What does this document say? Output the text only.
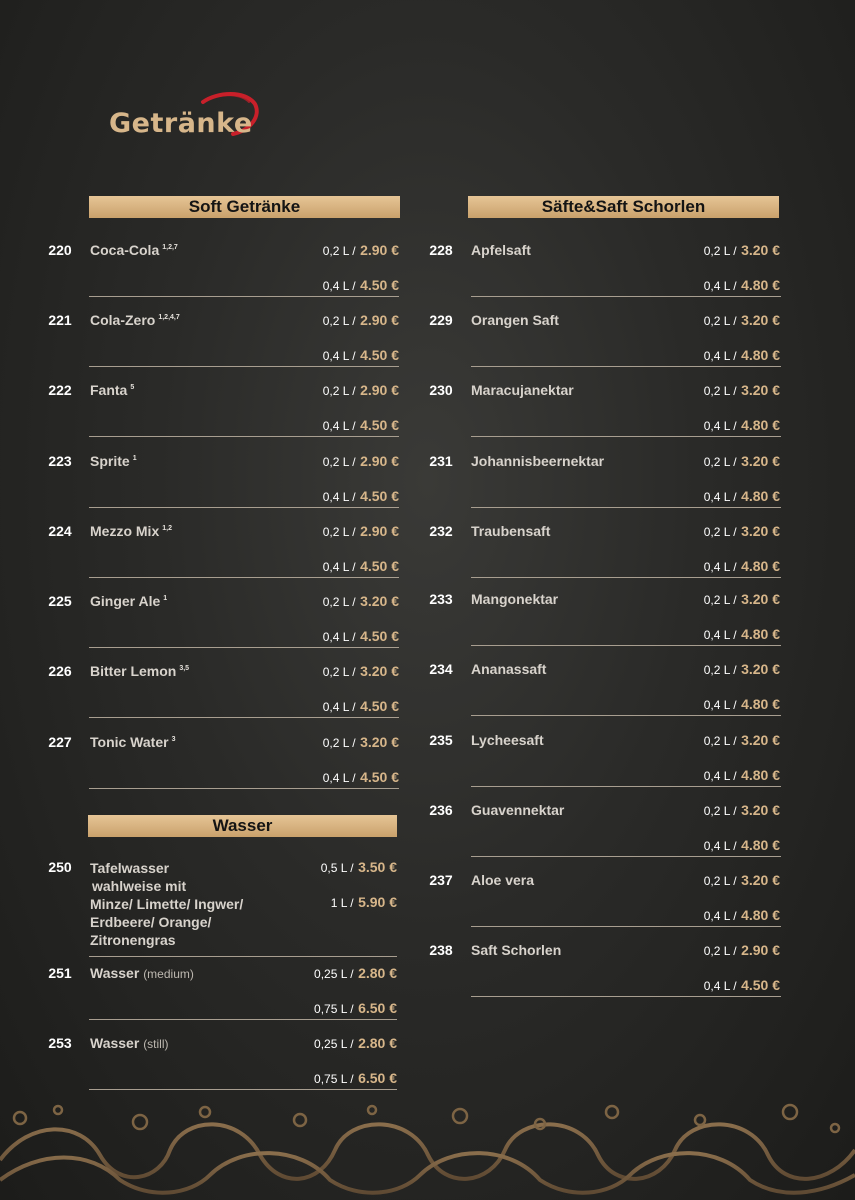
Getränke
Soft Getränke	Säfte&Saft Schorlen
Wasser
220	Coca-Cola $^{1,2,7}$	0,2 L / 2.90 €
0,4 L / 4.50 €
221	Cola-Zero $^{1,2,4,7}$	0,2 L / 2.90 €
0,4 L / 4.50 €
222	Fanta $^5$	0,2 L / 2.90 €
0,4 L / 4.50 €
223	Sprite $^1$	0,2 L / 2.90 €
0,4 L / 4.50 €
224	Mezzo Mix $^{1,2}$	0,2 L / 2.90 €
0,4 L / 4.50 €
225	Ginger Ale $^1$	0,2 L / 3.20 €
0,4 L / 4.50 €
226	Bitter Lemon $^{3,5}$	0,2 L / 3.20 €
0,4 L / 4.50 €
227	Tonic Water $^3$	0,2 L / 3.20 €
0,4 L / 4.50 €
228	Apfelsaft	0,2 L / 3.20 €
0,4 L / 4.80 €
229	Orangen Saft	0,2 L / 3.20 €
0,4 L / 4.80 €
230	Maracujanektar	0,2 L / 3.20 €
0,4 L / 4.80 €
231	Johannisbeernektar	0,2 L / 3.20 €
0,4 L / 4.80 €
232	Traubensaft	0,2 L / 3.20 €
0,4 L / 4.80 €
233	Mangonektar	0,2 L / 3.20 €
0,4 L / 4.80 €
234	Ananassaft	0,2 L / 3.20 €
0,4 L / 4.80 €
235	Lycheesaft	0,2 L / 3.20 €
0,4 L / 4.80 €
236	Guavennektar	0,2 L / 3.20 €
0,4 L / 4.80 €
237	Aloe vera	0,2 L / 3.20 €
0,4 L / 4.80 €
238	Saft Schorlen	0,2 L / 2.90 €
0,4 L / 4.50 €
250	Tafelwasser
wahlweise mit
Minze/ Limette/ Ingwer/
Erdbeere/ Orange/
Zitronengras
0,5 L / 3.50 €
1 L / 5.90 €
251	Wasser (medium)	0,25 L / 2.80 €
0,75 L / 6.50 €
253	Wasser (still)	0,25 L / 2.80 €
0,75 L / 6.50 €
